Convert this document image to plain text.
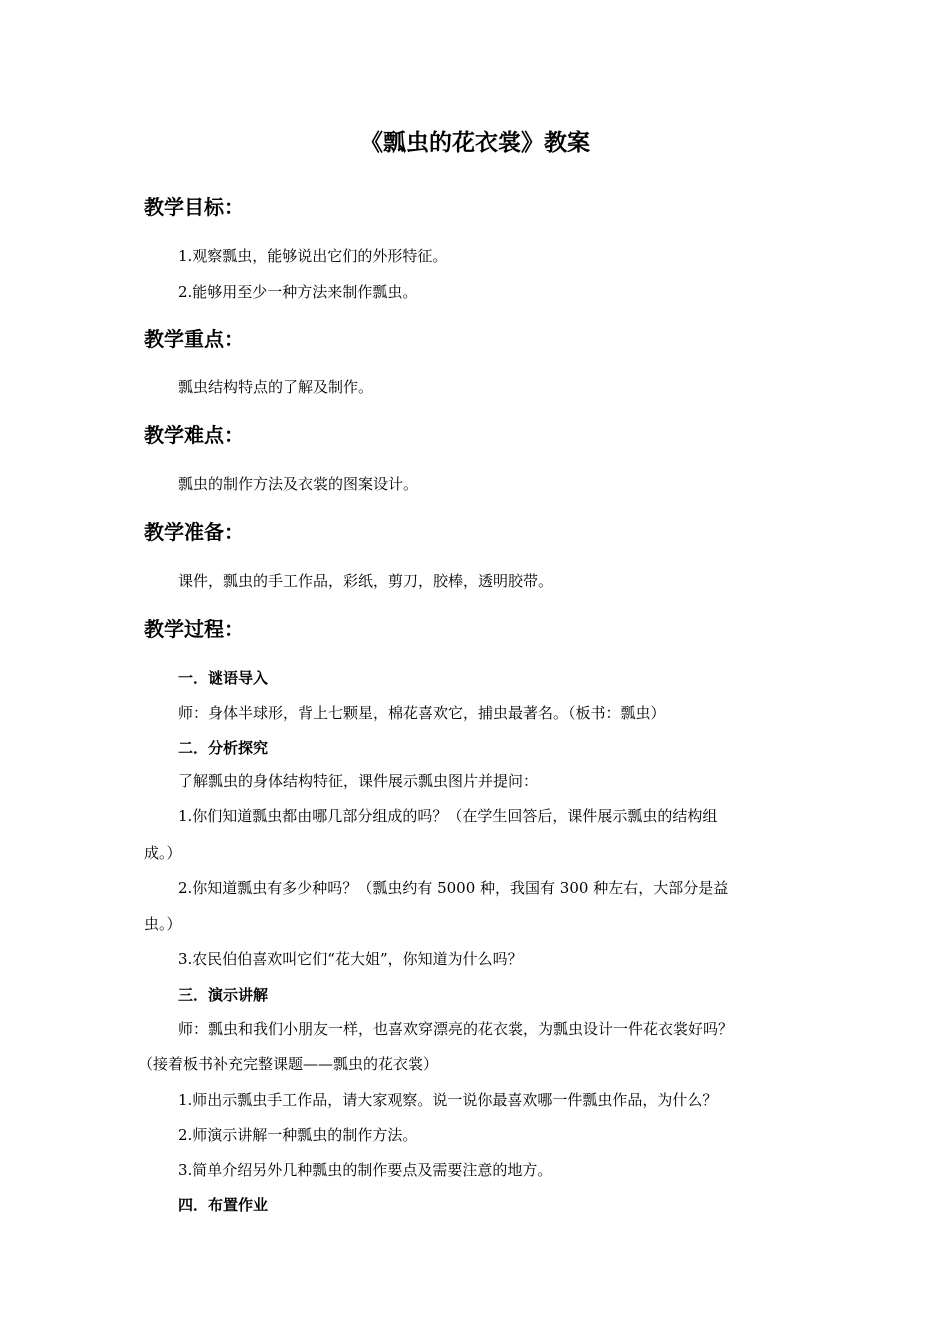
《瓢虫的花衣裳》教案
教学目标：

1.观察瓢虫，能够说出它们的外形特征。

2.能够用至少一种方法来制作瓢虫。

教学重点：

瓢虫结构特点的了解及制作。

教学难点：

瓢虫的制作方法及衣裳的图案设计。

教学准备：

课件，瓢虫的手工作品，彩纸，剪刀，胶棒，透明胶带。

教学过程：

一．谜语导入

师：身体半球形，背上七颗星，棉花喜欢它，捕虫最著名。（板书：瓢虫）

二．分析探究

了解瓢虫的身体结构特征，课件展示瓢虫图片并提问：

1.你们知道瓢虫都由哪几部分组成的吗？（在学生回答后，课件展示瓢虫的结构组

成。）

2.你知道瓢虫有多少种吗？（瓢虫约有 5000 种，我国有 300 种左右，大部分是益

虫。）

3.农民伯伯喜欢叫它们“花大姐”，你知道为什么吗？

三．演示讲解

师：瓢虫和我们小朋友一样，也喜欢穿漂亮的花衣裳，为瓢虫设计一件花衣裳好吗？

（接着板书补充完整课题——瓢虫的花衣裳）

1.师出示瓢虫手工作品，请大家观察。说一说你最喜欢哪一件瓢虫作品，为什么？

2.师演示讲解一种瓢虫的制作方法。

3.简单介绍另外几种瓢虫的制作要点及需要注意的地方。

四．布置作业
